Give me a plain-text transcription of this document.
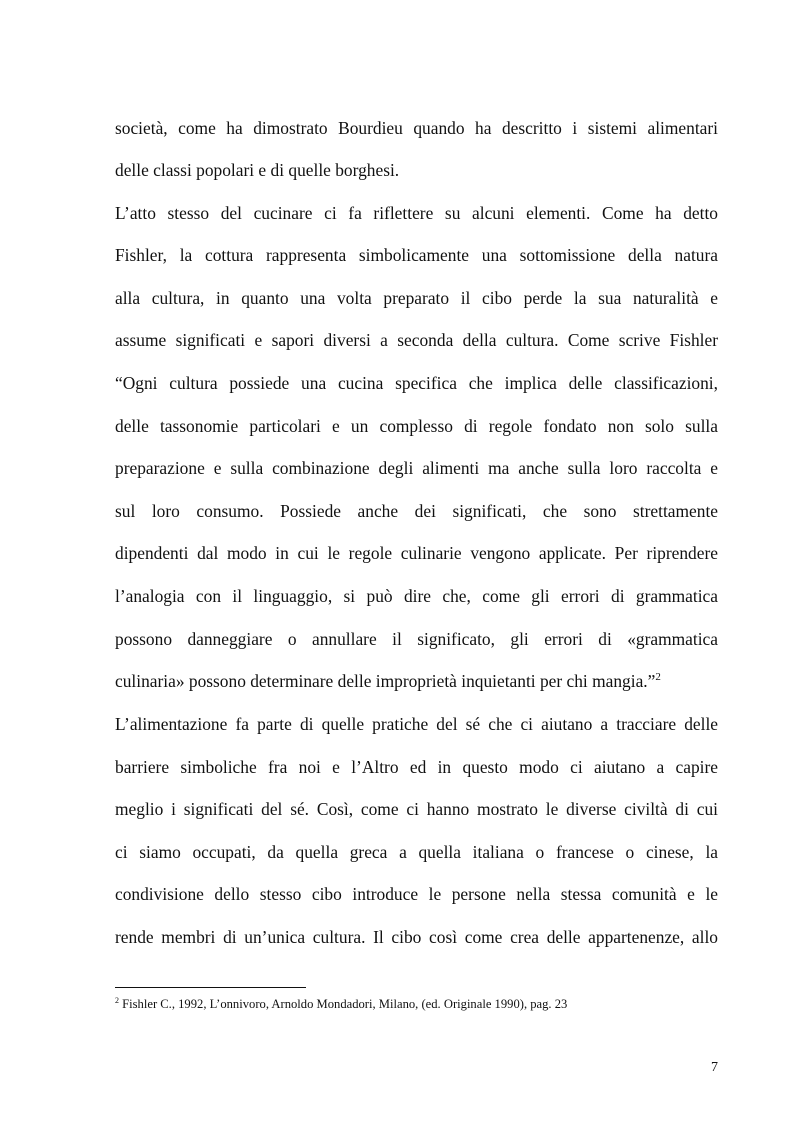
società, come ha dimostrato Bourdieu quando ha descritto i sistemi alimentari
delle classi popolari e di quelle borghesi.
L’atto stesso del cucinare ci fa riflettere su alcuni elementi. Come ha detto
Fishler, la cottura rappresenta simbolicamente una sottomissione della natura
alla cultura, in quanto una volta preparato il cibo perde la sua naturalità e
assume significati e sapori diversi a seconda della cultura. Come scrive Fishler
“Ogni cultura possiede una cucina specifica che implica delle classificazioni,
delle tassonomie particolari e un complesso di regole fondato non solo sulla
preparazione e sulla combinazione degli alimenti ma anche sulla loro raccolta e
sul loro consumo. Possiede anche dei significati, che sono strettamente
dipendenti dal modo in cui le regole culinarie vengono applicate. Per riprendere
l’analogia con il linguaggio, si può dire che, come gli errori di grammatica
possono danneggiare o annullare il significato, gli errori di «grammatica
culinaria» possono determinare delle improprietà inquietanti per chi mangia.”$^2$
L’alimentazione fa parte di quelle pratiche del sé che ci aiutano a tracciare delle
barriere simboliche fra noi e l’Altro ed in questo modo ci aiutano a capire
meglio i significati del sé. Così, come ci hanno mostrato le diverse civiltà di cui
ci siamo occupati, da quella greca a quella italiana o francese o cinese, la
condivisione dello stesso cibo introduce le persone nella stessa comunità e le
rende membri di un’unica cultura. Il cibo così come crea delle appartenenze, allo
$^2$ Fishler C., 1992, L’onnivoro, Arnoldo Mondadori, Milano, (ed. Originale 1990), pag. 23
7
